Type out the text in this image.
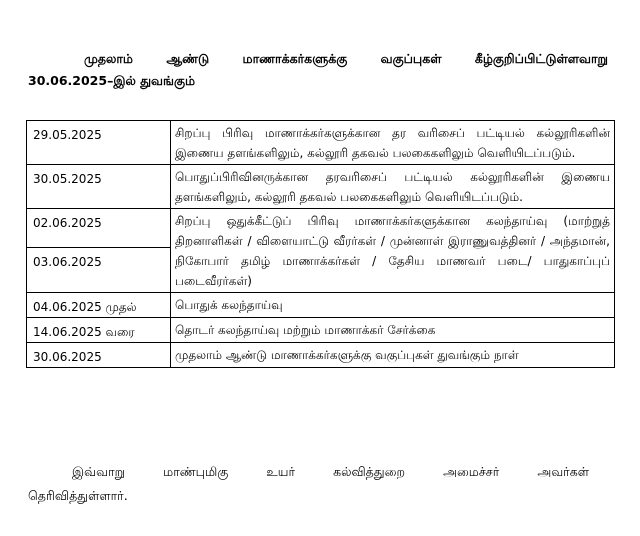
முதலாம் ஆண்டு மாணாக்கர்களுக்கு வகுப்புகள் கீழ்குறிப்பிட்டுள்ளவாறு
30.06.2025–இல் துவங்கும்
29.05.2025	சிறப்பு பிரிவு மாணாக்கர்களுக்கான தர வரிசைப் பட்டியல் கல்லூரிகளின் இணைய தளங்களிலும், கல்லூரி தகவல் பலகைகளிலும் வெளியிடப்படும்.
30.05.2025	பொதுப்பிரிவினருக்கான தரவரிசைப் பட்டியல் கல்லூரிகளின் இணைய தளங்களிலும், கல்லூரி தகவல் பலகைகளிலும் வெளியிடப்படும்.
02.06.2025	சிறப்பு ஒதுக்கீட்டுப் பிரிவு மாணாக்கர்களுக்கான கலந்தாய்வு (மாற்றுத் திறனாளிகள் / விளையாட்டு வீரர்கள் / முன்னாள் இராணுவத்தினர் / அந்தமான், நிகோபார் தமிழ் மாணாக்கர்கள் / தேசிய மாணவர் படை/ பாதுகாப்புப் படைவீரர்கள்)
03.06.2025	
04.06.2025 முதல்	பொதுக் கலந்தாய்வு
14.06.2025 வரை	தொடர் கலந்தாய்வு மற்றும் மாணாக்கர் சேர்க்கை
30.06.2025	முதலாம் ஆண்டு மாணாக்கர்களுக்கு வகுப்புகள் துவங்கும் நாள்
இவ்வாறு மாண்புமிகு உயர் கல்வித்துறை அமைச்சர் அவர்கள்
தெரிவித்துள்ளார்.
